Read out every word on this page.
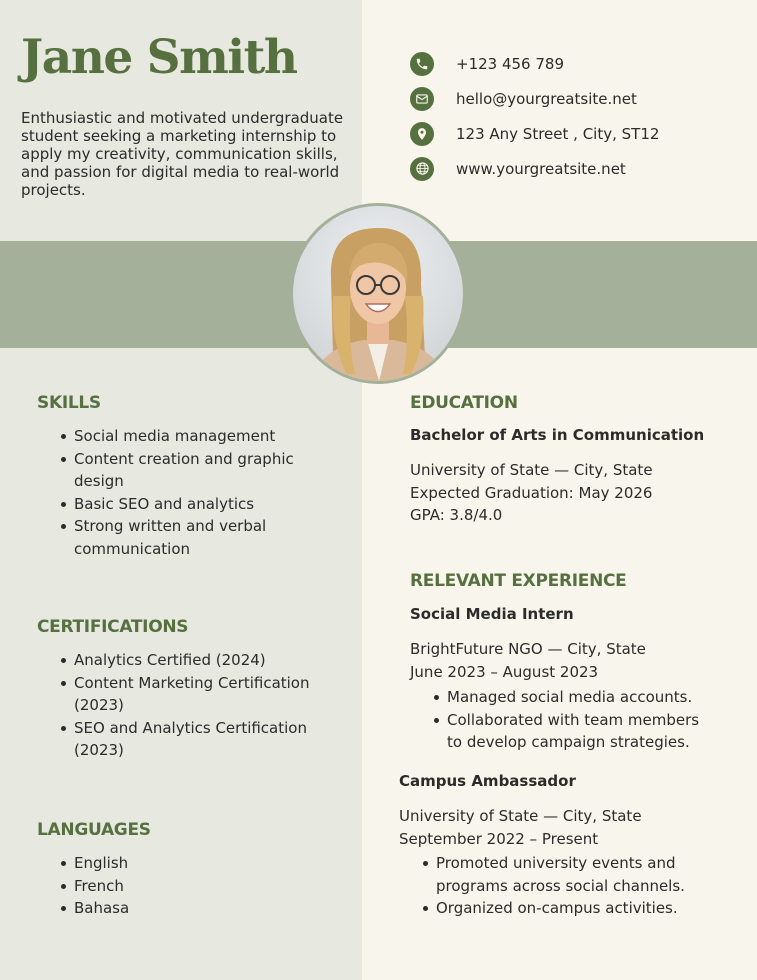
Jane Smith

Enthusiastic and motivated undergraduate student seeking a marketing internship to apply my creativity, communication skills, and passion for digital media to real-world projects.

+123 456 789
hello@yourgreatsite.net
123 Any Street , City, ST12
www.yourgreatsite.net
SKILLS
Social media management
Content creation and graphic design
Basic SEO and analytics
Strong written and verbal communication
CERTIFICATIONS
Analytics Certified (2024)
Content Marketing Certification (2023)
SEO and Analytics Certification (2023)
LANGUAGES
English
French
Bahasa
EDUCATION

Bachelor of Arts in Communication

University of State — City, State
Expected Graduation: May 2026
GPA: 3.8/4.0
RELEVANT EXPERIENCE

Social Media Intern

BrightFuture NGO — City, State
June 2023 – August 2023
Managed social media accounts.
Collaborated with team members to develop campaign strategies.

Campus Ambassador

University of State — City, State
September 2022 – Present
Promoted university events and programs across social channels.
Organized on-campus activities.
